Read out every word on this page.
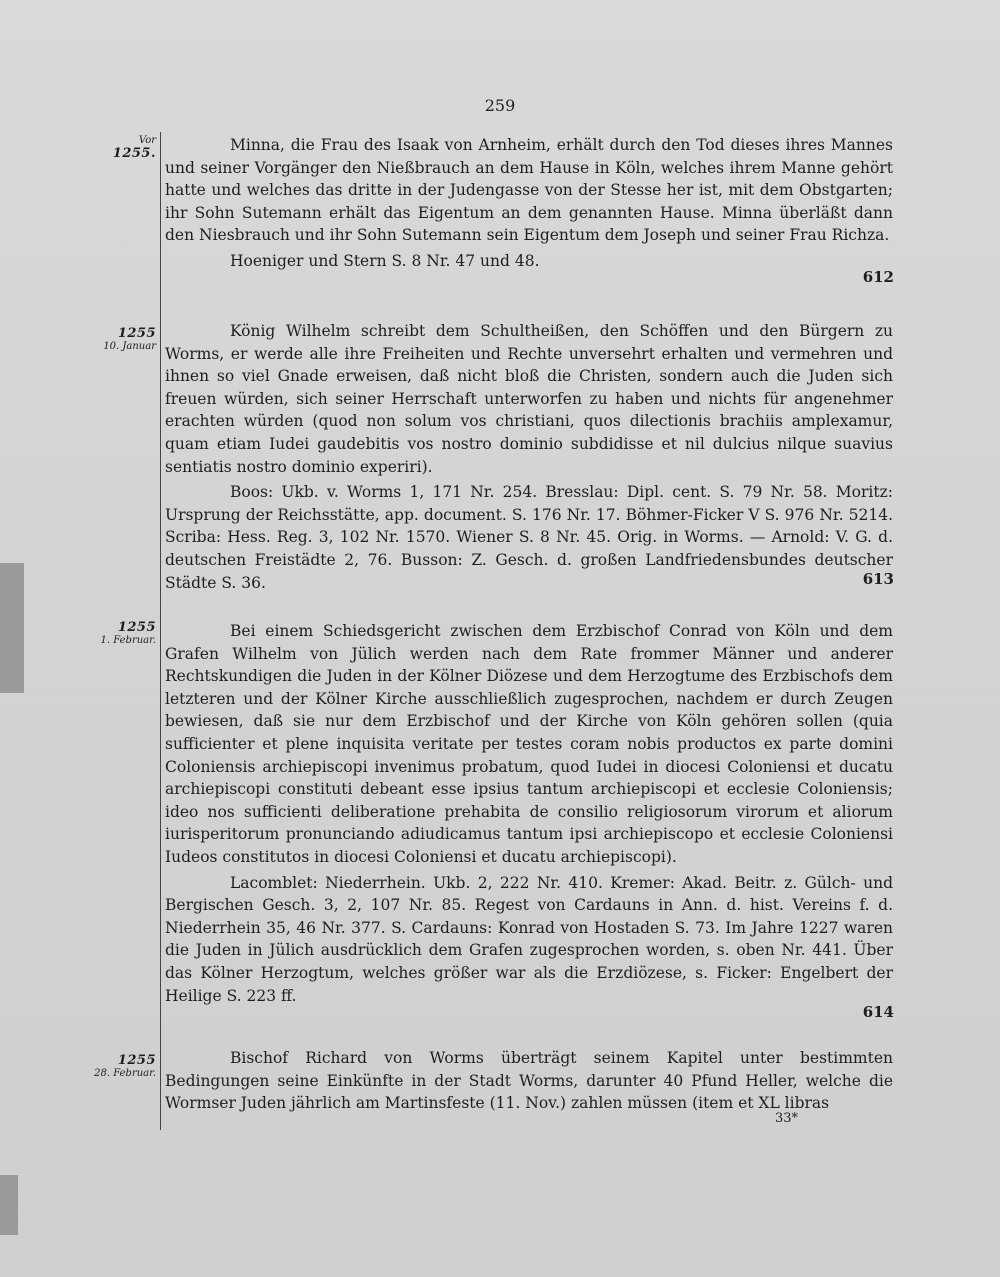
259
Vor
1255.
1255
10. Januar
1255
1. Februar.
1255
28. Februar.

Minna, die Frau des Isaak von Arnheim, erhält durch den Tod dieses ihres Mannes und seiner Vorgänger den Nießbrauch an dem Hause in Köln, welches ihrem Manne gehört hatte und welches das dritte in der Judengasse von der Stesse her ist, mit dem Obstgarten; ihr Sohn Sutemann erhält das Eigentum an dem genannten Hause. Minna überläßt dann den Niesbrauch und ihr Sohn Sutemann sein Eigentum dem Joseph und seiner Frau Richza.

Hoeniger und Stern S. 8 Nr. 47 und 48.

612

König Wilhelm schreibt dem Schultheißen, den Schöffen und den Bürgern zu Worms, er werde alle ihre Freiheiten und Rechte unversehrt erhalten und vermehren und ihnen so viel Gnade erweisen, daß nicht bloß die Christen, sondern auch die Juden sich freuen würden, sich seiner Herrschaft unterworfen zu haben und nichts für angenehmer erachten würden (quod non solum vos christiani, quos dilectionis brachiis amplexamur, quam etiam Iudei gaudebitis vos nostro dominio subdidisse et nil dulcius nilque suavius sentiatis nostro dominio experiri).

Boos: Ukb. v. Worms 1, 171 Nr. 254. Bresslau: Dipl. cent. S. 79 Nr. 58. Moritz: Ursprung der Reichsstätte, app. document. S. 176 Nr. 17. Böhmer-Ficker V S. 976 Nr. 5214. Scriba: Hess. Reg. 3, 102 Nr. 1570. Wiener S. 8 Nr. 45. Orig. in Worms. — Arnold: V. G. d. deutschen Freistädte 2, 76. Busson: Z. Gesch. d. großen Landfriedensbundes deutscher Städte S. 36.	613

Bei einem Schiedsgericht zwischen dem Erzbischof Conrad von Köln und dem Grafen Wilhelm von Jülich werden nach dem Rate frommer Männer und anderer Rechtskundigen die Juden in der Kölner Diözese und dem Herzogtume des Erzbischofs dem letzteren und der Kölner Kirche ausschließlich zugesprochen, nachdem er durch Zeugen bewiesen, daß sie nur dem Erzbischof und der Kirche von Köln gehören sollen (quia sufficienter et plene inquisita veritate per testes coram nobis productos ex parte domini Coloniensis archiepiscopi invenimus probatum, quod Iudei in diocesi Coloniensi et ducatu archiepiscopi constituti debeant esse ipsius tantum archiepiscopi et ecclesie Coloniensis; ideo nos sufficienti deliberatione prehabita de consilio religiosorum virorum et aliorum iurisperitorum pronunciando adiudicamus tantum ipsi archiepiscopo et ecclesie Coloniensi Iudeos constitutos in diocesi Coloniensi et ducatu archiepiscopi).

Lacomblet: Niederrhein. Ukb. 2, 222 Nr. 410. Kremer: Akad. Beitr. z. Gülch- und Bergischen Gesch. 3, 2, 107 Nr. 85. Regest von Cardauns in Ann. d. hist. Vereins f. d. Niederrhein 35, 46 Nr. 377. S. Cardauns: Konrad von Hostaden S. 73. Im Jahre 1227 waren die Juden in Jülich ausdrücklich dem Grafen zugesprochen worden, s. oben Nr. 441. Über das Kölner Herzogtum, welches größer war als die Erzdiözese, s. Ficker: Engelbert der Heilige S. 223 ff.

614

Bischof Richard von Worms überträgt seinem Kapitel unter bestimmten Bedingungen seine Einkünfte in der Stadt Worms, darunter 40 Pfund Heller, welche die Wormser Juden jährlich am Martinsfeste (11. Nov.) zahlen müssen (item et XL libras

33*
